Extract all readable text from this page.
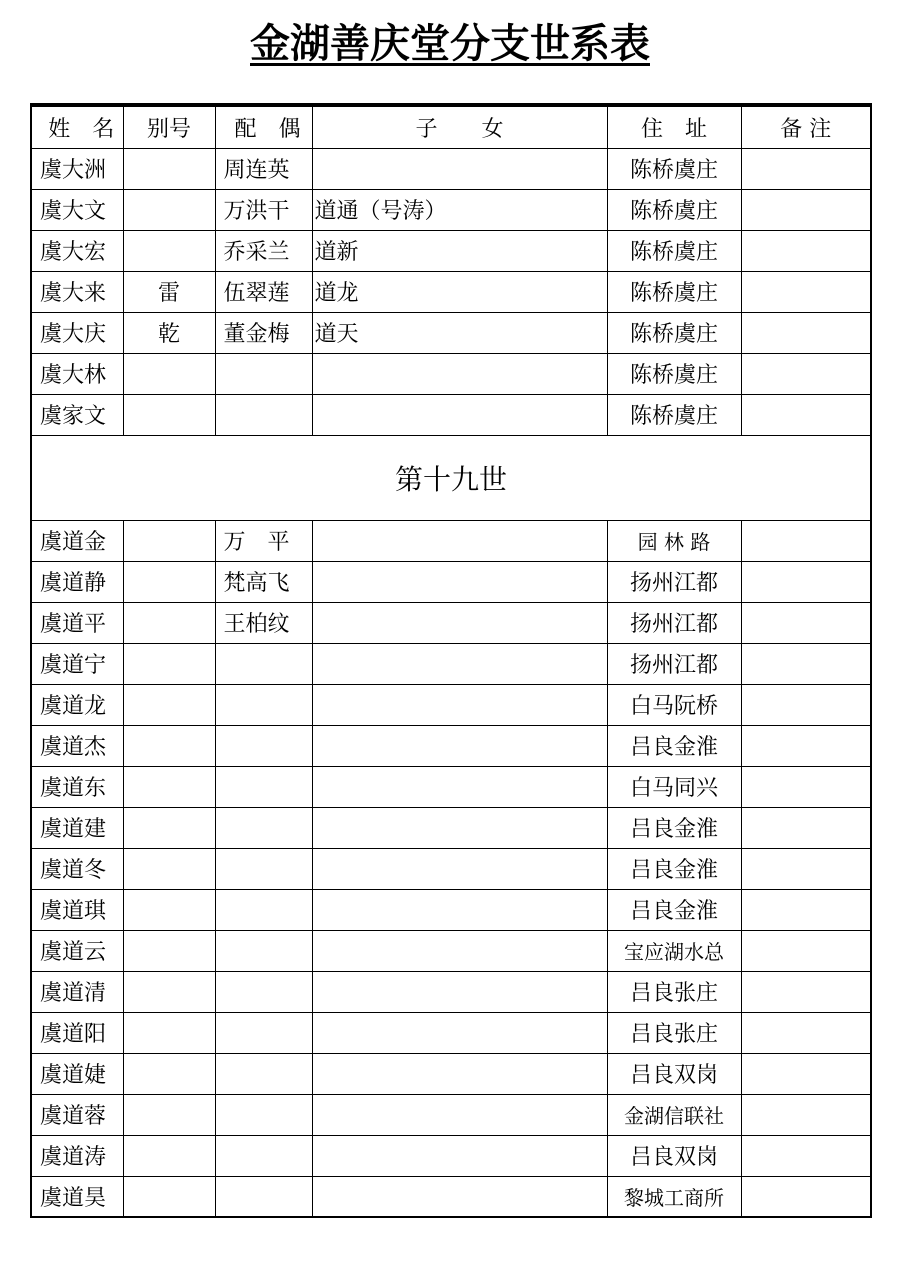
金湖善庆堂分支世系表
姓　名	别号	配　偶	子　　女	住　址	备 注
虞大洲		周连英		陈桥虞庄	
虞大文		万洪干	道通（号涛）	陈桥虞庄	
虞大宏		乔采兰	道新	陈桥虞庄	
虞大来	雷	伍翠莲	道龙	陈桥虞庄	
虞大庆	乾	董金梅	道天	陈桥虞庄	
虞大林				陈桥虞庄	
虞家文				陈桥虞庄	
第十九世					
虞道金		万　平		园 林 路	
虞道静		梵高飞		扬州江都	
虞道平		王柏纹		扬州江都	
虞道宁				扬州江都	
虞道龙				白马阮桥	
虞道杰				吕良金淮	
虞道东				白马同兴	
虞道建				吕良金淮	
虞道冬				吕良金淮	
虞道琪				吕良金淮	
虞道云				宝应湖水总	
虞道清				吕良张庄	
虞道阳				吕良张庄	
虞道婕				吕良双岗	
虞道蓉				金湖信联社	
虞道涛				吕良双岗	
虞道昊				黎城工商所	
